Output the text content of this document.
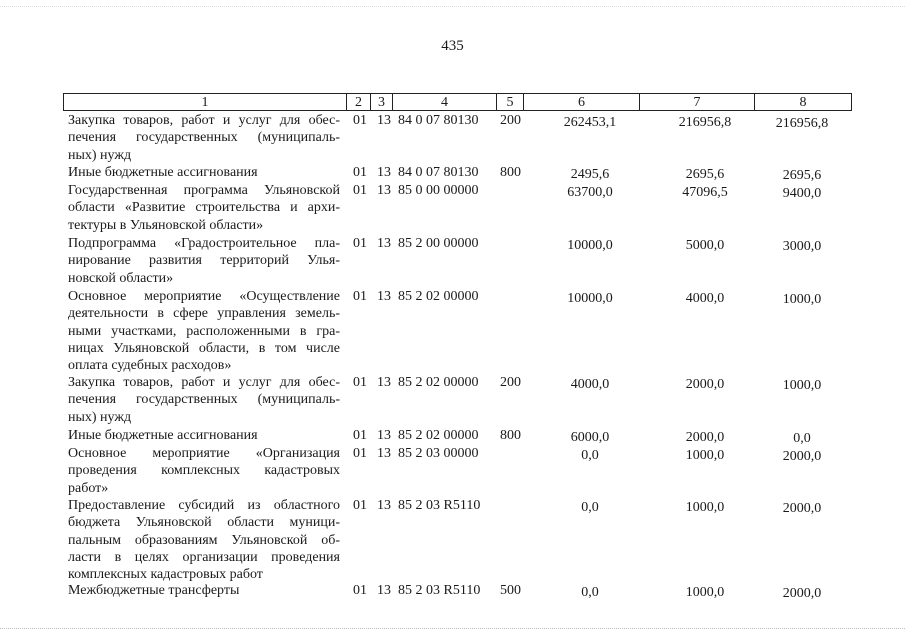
435
1	2	3	4	5	6	7	8
Закупка товаров, работ и услуг для обес-
печения государственных (муниципаль-
ных) нужд
01 13 84 0 07 80130 200	262453,1	216956,8	216956,8
Иные бюджетные ассигнования	01 13 84 0 07 80130 800	2495,6	2695,6	2695,6
Государственная программа Ульяновской
области «Развитие строительства и архи-
тектуры в Ульяновской области»
01 13 85 0 00 00000	63700,0	47096,5	9400,0
Подпрограмма «Градостроительное пла-
нирование развития территорий Улья-
новской области»
01 13 85 2 00 00000	10000,0	5000,0	3000,0
Основное мероприятие «Осуществление
деятельности в сфере управления земель-
ными участками, расположенными в гра-
ницах Ульяновской области, в том числе
оплата судебных расходов»
01 13 85 2 02 00000	10000,0	4000,0	1000,0
Закупка товаров, работ и услуг для обес-
печения государственных (муниципаль-
ных) нужд
01 13 85 2 02 00000 200	4000,0	2000,0	1000,0
Иные бюджетные ассигнования	01 13 85 2 02 00000 800	6000,0	2000,0	0,0
Основное мероприятие «Организация
проведения комплексных кадастровых
работ»
01 13 85 2 03 00000	0,0	1000,0	2000,0
Предоставление субсидий из областного
бюджета Ульяновской области муници-
пальным образованиям Ульяновской об-
ласти в целях организации проведения
комплексных кадастровых работ
01 13 85 2 03 R5110	0,0	1000,0	2000,0
Межбюджетные трансферты	01 13 85 2 03 R5110 500	0,0	1000,0	2000,0
